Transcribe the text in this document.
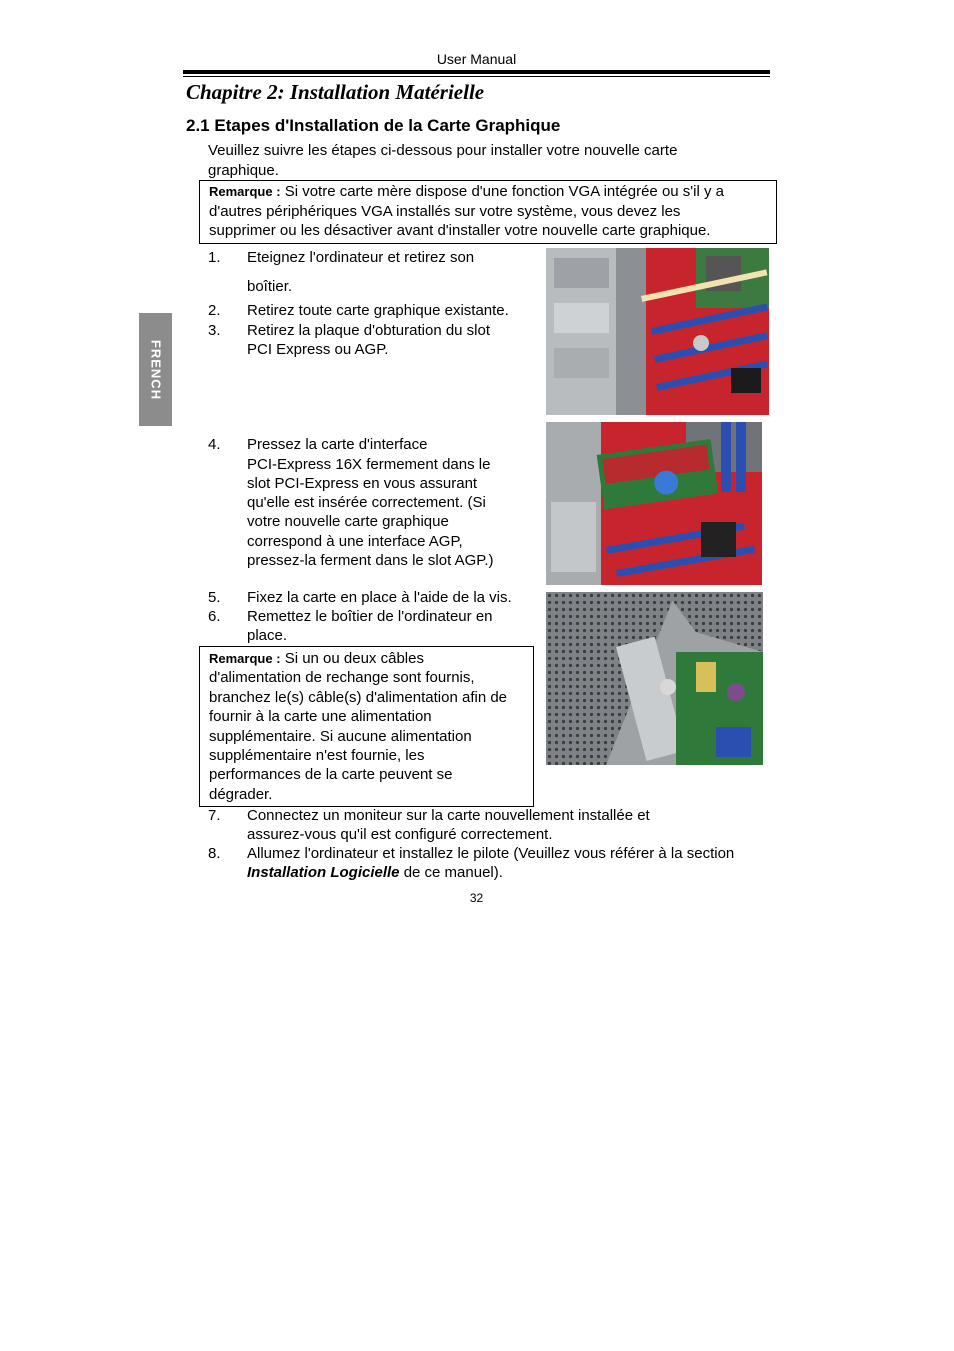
User Manual
Chapitre 2: Installation Matérielle
2.1 Etapes d'Installation de la Carte Graphique
Veuillez suivre les étapes ci-dessous pour installer votre nouvelle carte
graphique.
Remarque : Si votre carte mère dispose d'une fonction VGA intégrée ou s'il y a
d'autres périphériques VGA installés sur votre système, vous devez les
supprimer ou les désactiver avant d'installer votre nouvelle carte graphique.
1. Eteignez l'ordinateur et retirez son
boîtier.
2. Retirez toute carte graphique existante.
3. Retirez la plaque d'obturation du slot
PCI Express ou AGP.
4. Pressez la carte d'interface
PCI-Express 16X fermement dans le
slot PCI-Express en vous assurant
qu'elle est insérée correctement. (Si
votre nouvelle carte graphique
correspond à une interface AGP,
pressez-la ferment dans le slot AGP.)
5. Fixez la carte en place à l'aide de la vis.
6. Remettez le boîtier de l'ordinateur en
place.
7. Connectez un moniteur sur la carte nouvellement installée et
assurez-vous qu'il est configuré correctement.
8. Allumez l'ordinateur et installez le pilote (Veuillez vous référer à la section
Installation Logicielle de ce manuel).
Remarque : Si un ou deux câbles
d'alimentation de rechange sont fournis,
branchez le(s) câble(s) d'alimentation afin de
fournir à la carte une alimentation
supplémentaire. Si aucune alimentation
supplémentaire n'est fournie, les
performances de la carte peuvent se
dégrader.
FRENCH
32
